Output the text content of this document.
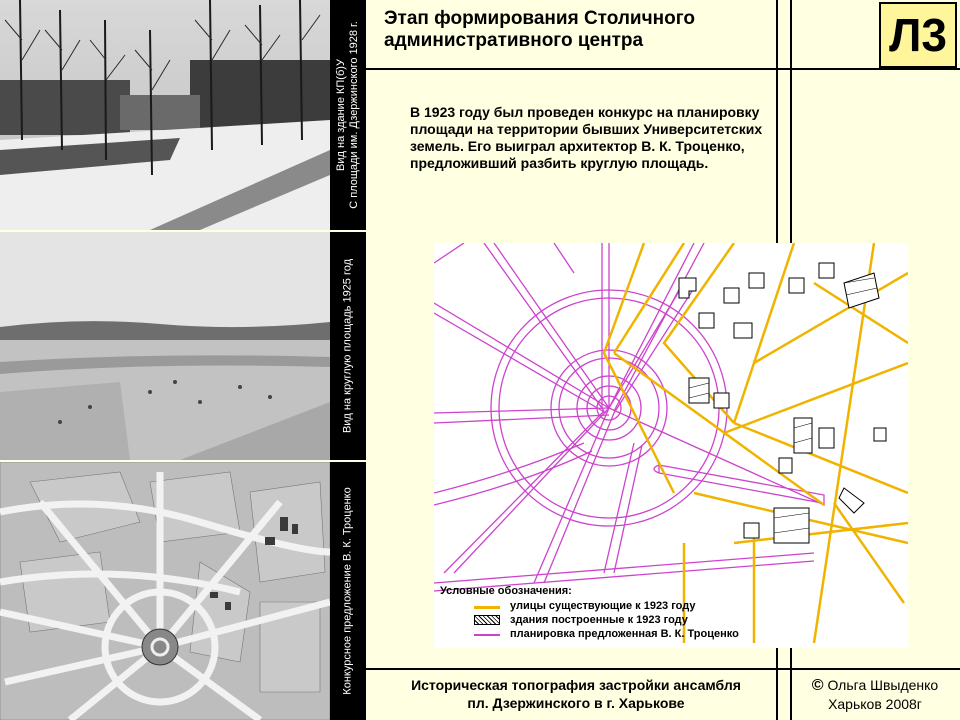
Вид на здание КП(б)У С площади им. Дзержинского 1928 г.
Вид на круглую площадь 1925 год
Конкурсное предложение В. К. Троценко
Этап формирования Столичного административного центра	Л3
В 1923 году был проведен конкурс на планировку площади на территории бывших Университетских земель. Его выиграл архитектор В. К. Троценко, предложивший разбить круглую площадь.
Условные обозначения:
улицы существующие к 1923 году
здания построенные к 1923 году
планировка предложенная В. К. Троценко
Историческая топография застройки ансамбля
пл. Дзержинского в г. Харькове
© Ольга Швыденко
Харьков 2008г
